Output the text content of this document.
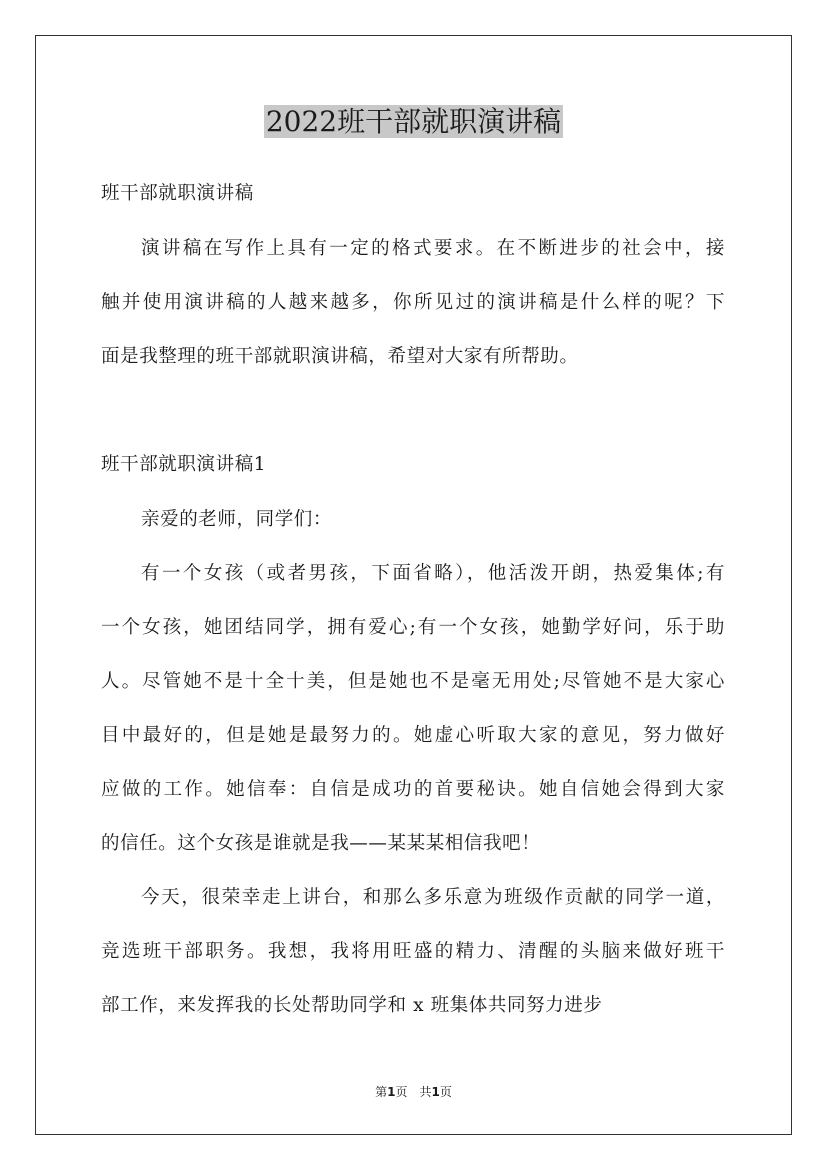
2022班干部就职演讲稿
班干部就职演讲稿
演讲稿在写作上具有一定的格式要求。在不断进步的社会中，接
触并使用演讲稿的人越来越多，你所见过的演讲稿是什么样的呢？下
面是我整理的班干部就职演讲稿，希望对大家有所帮助。
班干部就职演讲稿1
亲爱的老师，同学们：
有一个女孩（或者男孩，下面省略），他活泼开朗，热爱集体;有
一个女孩，她团结同学，拥有爱心;有一个女孩，她勤学好问，乐于助
人。尽管她不是十全十美，但是她也不是毫无用处;尽管她不是大家心
目中最好的，但是她是最努力的。她虚心听取大家的意见，努力做好
应做的工作。她信奉：自信是成功的首要秘诀。她自信她会得到大家
的信任。这个女孩是谁就是我——某某某相信我吧！
今天，很荣幸走上讲台，和那么多乐意为班级作贡献的同学一道，
竞选班干部职务。我想，我将用旺盛的精力、清醒的头脑来做好班干
部工作，来发挥我的长处帮助同学和 x 班集体共同努力进步
第1页　共1页
